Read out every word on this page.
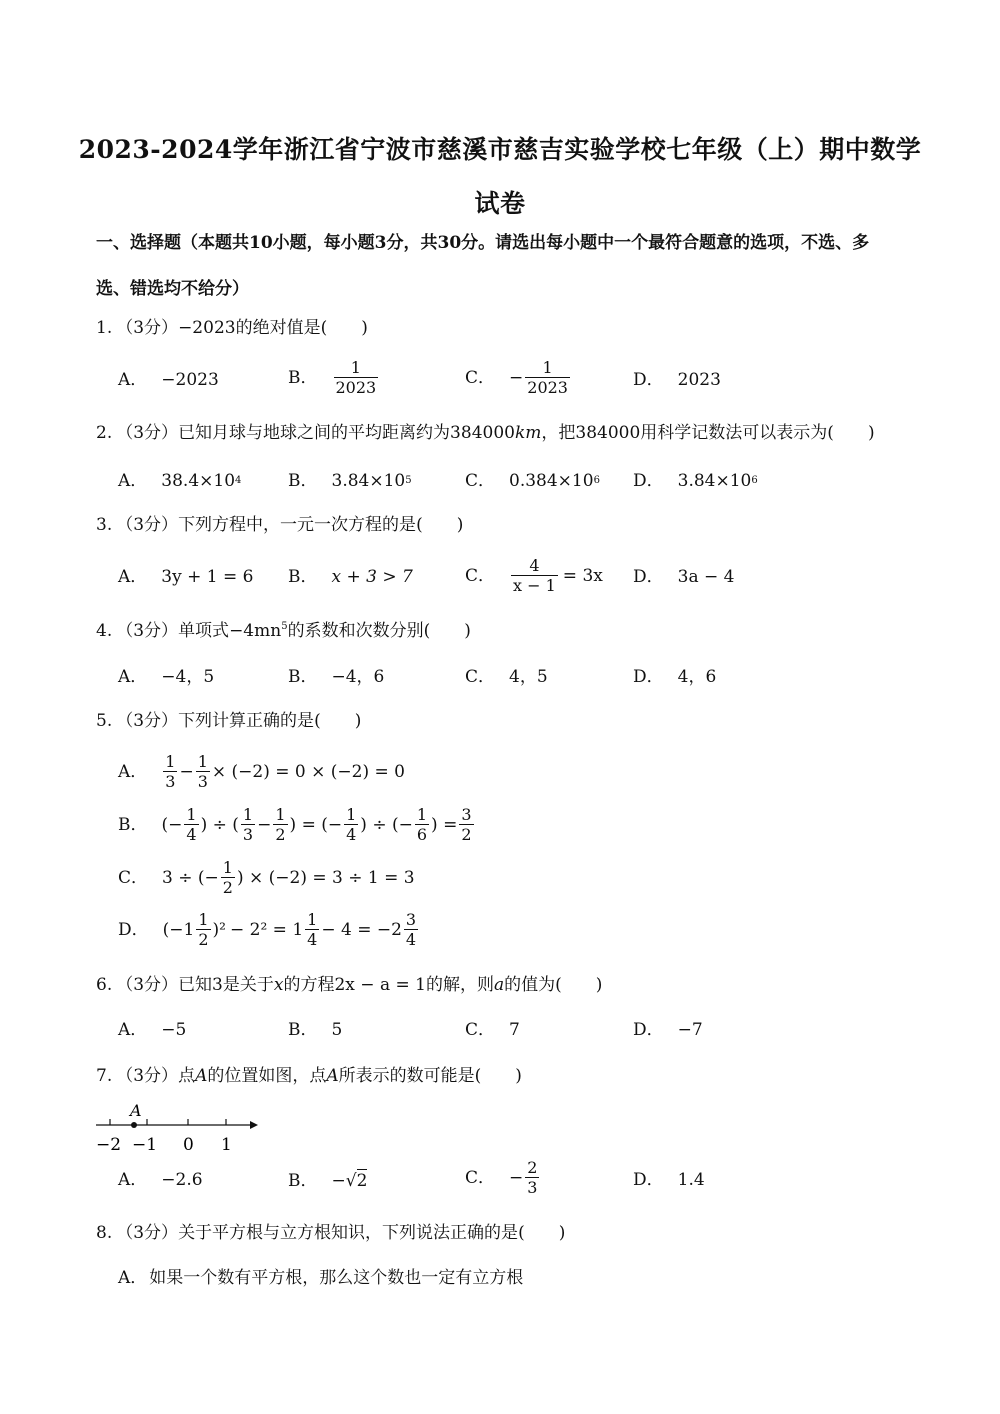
2023-2024学年浙江省宁波市慈溪市慈吉实验学校七年级（上）期中数学
试卷
一、选择题（本题共10小题，每小题3分，共30分。请选出每小题中一个最符合题意的选项，不选、多
选、错选均不给分）
1. （3分）−2023的绝对值是( )
A． −2023	B． $\frac{1}{2023}$	C． − $\frac{1}{2023}$	D． 2023
2. （3分）已知月球与地球之间的平均距离约为384000km，把384000用科学记数法可以表示为( )
A． 38.4×10 4	B． 3.84×10 5	C． 0.384×10 6 D． 3.84×10 6
3. （3分）下列方程中，一元一次方程的是( )
A． 3y + 1 = 6 B． x + 3 > 7	C． $\frac{4}{x - 1} = 3x$ D． 3a − 4
4. （3分）单项式$-4mn^5$的系数和次数分别( )
A． −4，5	B． −4，6	C． 4，5	D． 4，6
5. （3分）下列计算正确的是( )
A． $\frac{1}{3} - \frac{1}{3} \times (-2) = 0 \times (-2) = 0$
B． (− $\frac{1}{4}$ ) ÷ ( $\frac{1}{3} - \frac{1}{2}$ ) = (− $\frac{1}{4}$ ) ÷ (− $\frac{1}{6}$ ) = $\frac{3}{2}$
C． 3 ÷ (− $\frac{1}{2}$ ) × (−2) = 3 ÷ 1 = 3
D． $(-1 \frac{1}{2} )^2 - 2^2 = 1 \frac{1}{4} - 4 = -2 \frac{3}{4}$
6. （3分）已知3是关于x的方程2x − a = 1的解，则a的值为( )
A． −5	B． 5	C． 7	D． −7
7. （3分）点A的位置如图，点A所表示的数可能是( )
A
−2 −1 0 1
A． −2.6	B． − √ 2	C． − $\frac{2}{3}$	D． 1.4
8. （3分）关于平方根与立方根知识，下列说法正确的是( )
A． 如果一个数有平方根，那么这个数也一定有立方根
